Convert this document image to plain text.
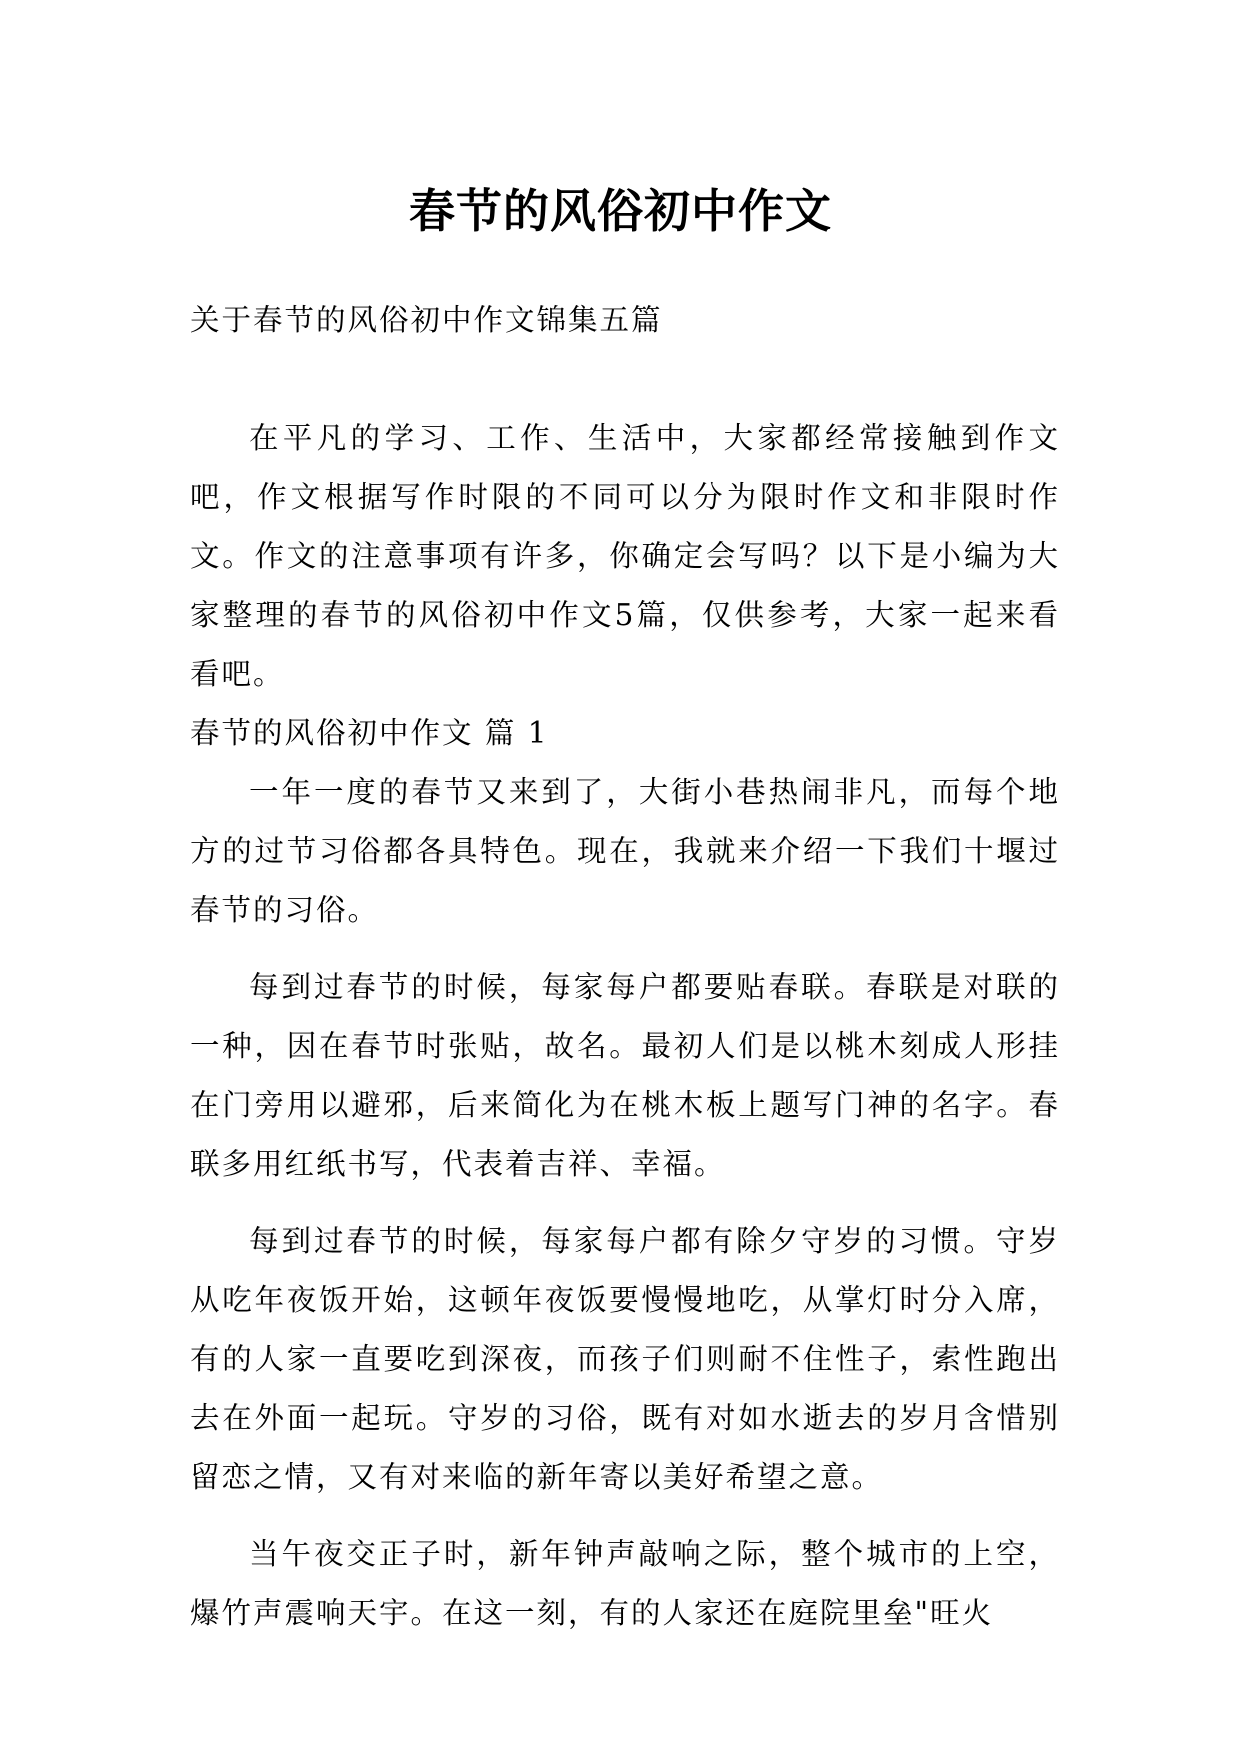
春节的风俗初中作文

关于春节的风俗初中作文锦集五篇

在平凡的学习、工作、生活中，大家都经常接触到作文吧，作文根据写作时限的不同可以分为限时作文和非限时作文。作文的注意事项有许多，你确定会写吗？以下是小编为大家整理的春节的风俗初中作文5篇，仅供参考，大家一起来看看吧。

春节的风俗初中作文 篇 1

一年一度的春节又来到了，大街小巷热闹非凡，而每个地方的过节习俗都各具特色。现在，我就来介绍一下我们十堰过春节的习俗。

每到过春节的时候，每家每户都要贴春联。春联是对联的一种，因在春节时张贴，故名。最初人们是以桃木刻成人形挂在门旁用以避邪，后来简化为在桃木板上题写门神的名字。春联多用红纸书写，代表着吉祥、幸福。

每到过春节的时候，每家每户都有除夕守岁的习惯。守岁从吃年夜饭开始，这顿年夜饭要慢慢地吃，从掌灯时分入席，有的人家一直要吃到深夜，而孩子们则耐不住性子，索性跑出去在外面一起玩。守岁的习俗，既有对如水逝去的岁月含惜别留恋之情，又有对来临的新年寄以美好希望之意。

当午夜交正子时，新年钟声敲响之际，整个城市的上空，爆竹声震响天宇。在这一刻，有的人家还在庭院里垒"旺火
